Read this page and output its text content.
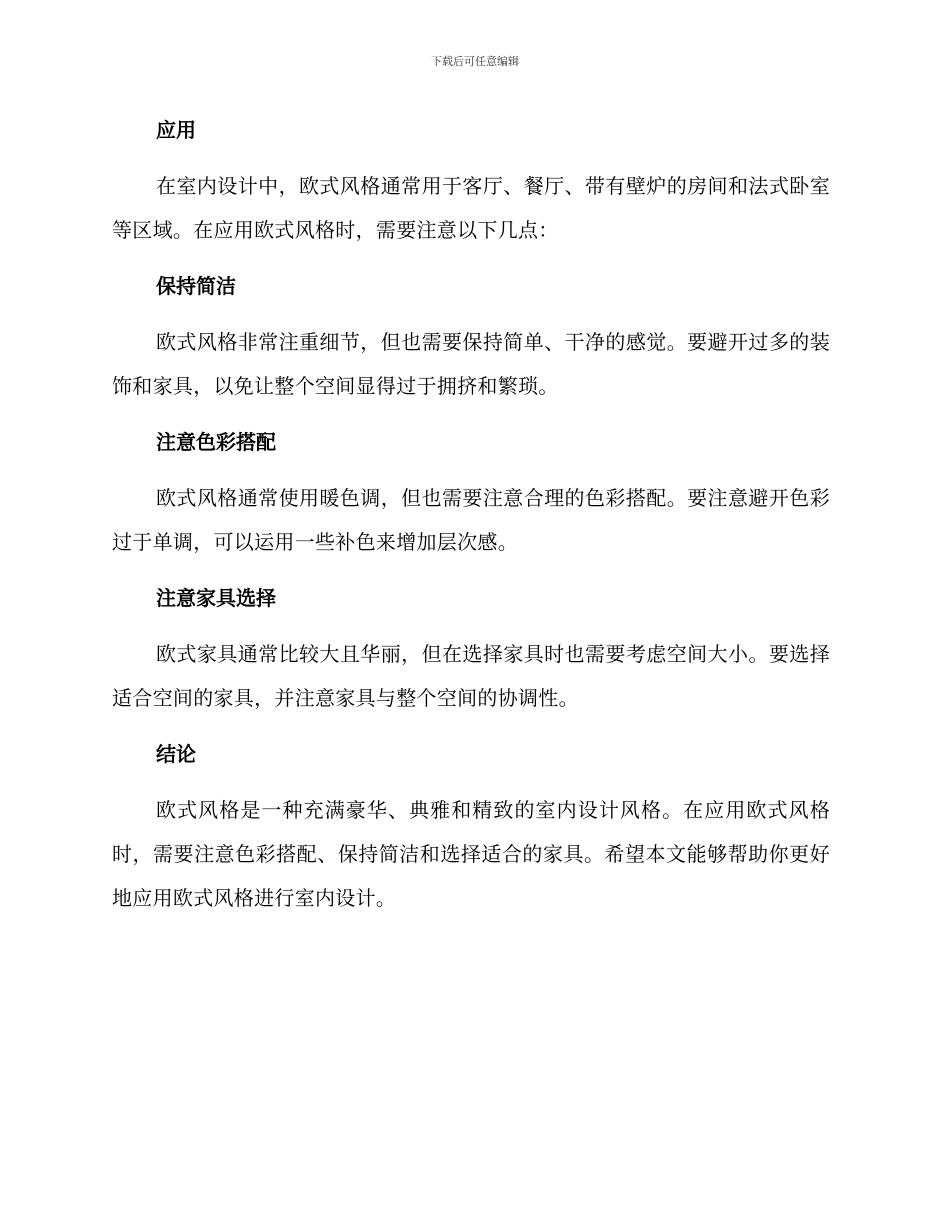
下载后可任意编辑
应用

在室内设计中，欧式风格通常用于客厅、餐厅、带有壁炉的房间和法式卧室等区域。在应用欧式风格时，需要注意以下几点：

保持简洁

欧式风格非常注重细节，但也需要保持简单、干净的感觉。要避开过多的装饰和家具，以免让整个空间显得过于拥挤和繁琐。

注意色彩搭配

欧式风格通常使用暖色调，但也需要注意合理的色彩搭配。要注意避开色彩过于单调，可以运用一些补色来增加层次感。

注意家具选择

欧式家具通常比较大且华丽，但在选择家具时也需要考虑空间大小。要选择适合空间的家具，并注意家具与整个空间的协调性。

结论

欧式风格是一种充满豪华、典雅和精致的室内设计风格。在应用欧式风格时，需要注意色彩搭配、保持简洁和选择适合的家具。希望本文能够帮助你更好地应用欧式风格进行室内设计。
